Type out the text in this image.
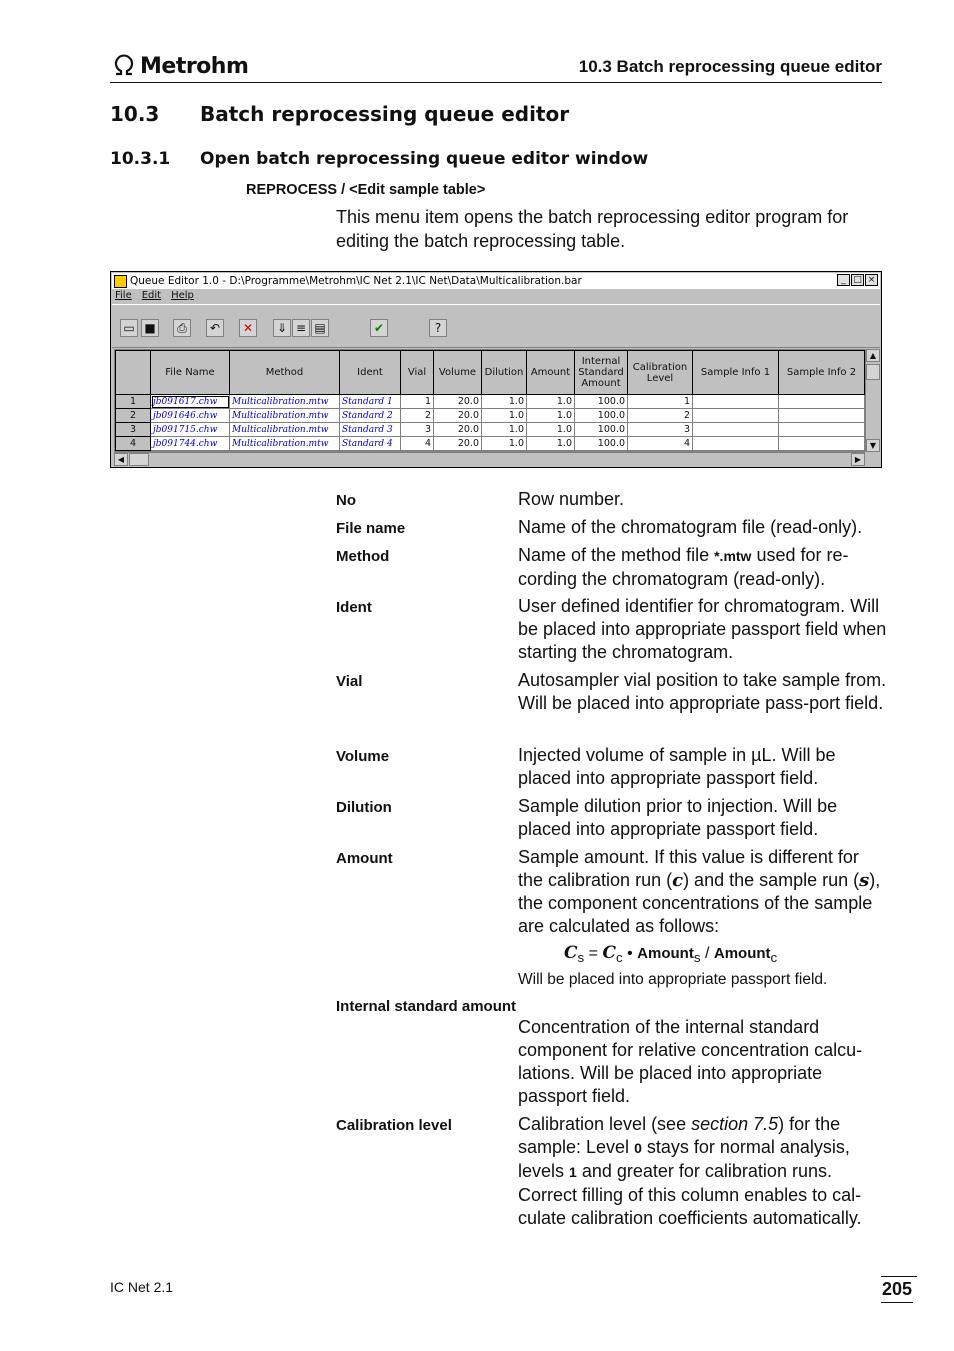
Metrohm	10.3 Batch reprocessing queue editor
10.3 Batch reprocessing queue editor
10.3.1 Open batch reprocessing queue editor window
REPROCESS / <Edit sample table>
This menu item opens the batch reprocessing editor program for editing the batch reprocessing table.
Queue Editor 1.0 - D:\Programme\Metrohm\IC Net 2.1\IC Net\Data\Multicalibration.bar	_ □ ×
File Edit Help
▭ ■	⎙	↶	✕	⇓ ≡ ▤	✔	?
	File Name	Method	Ident	Vial	Volume	Dilution	Amount	Internal Standard Amount	Calibration Level	Sample Info 1	Sample Info 2
1	jb091617.chw	Multicalibration.mtw	Standard 1	1	20.0	1.0	1.0	100.0	1		
2	jb091646.chw	Multicalibration.mtw	Standard 2	2	20.0	1.0	1.0	100.0	2		
3	jb091715.chw	Multicalibration.mtw	Standard 3	3	20.0	1.0	1.0	100.0	3		
4	jb091744.chw	Multicalibration.mtw	Standard 4	4	20.0	1.0	1.0	100.0	4		
▲
▼
◀	▶
No	Row number.
File name	Name of the chromatogram file (read-only).
Method	Name of the method file *.mtw used for re-cording the chromatogram (read-only).
Ident	User defined identifier for chromatogram. Will be placed into appropriate passport field when starting the chromatogram.
Vial	Autosampler vial position to take sample from. Will be placed into appropriate pass-port field.
Volume	Injected volume of sample in µL. Will be placed into appropriate passport field.
Dilution	Sample dilution prior to injection. Will be placed into appropriate passport field.
Amount	Sample amount. If this value is different for the calibration run (c) and the sample run (s), the component concentrations of the sample are calculated as follows:
$C_s = C_c$ • Amount$_s$ / Amount$_c$
Will be placed into appropriate passport field.
Internal standard amount
Concentration of the internal standard component for relative concentration calcu-lations. Will be placed into appropriate passport field.
Calibration level	Calibration level (see section 7.5) for the sample: Level 0 stays for normal analysis, levels 1 and greater for calibration runs. Correct filling of this column enables to cal-culate calibration coefficients automatically.
IC Net 2.1	205
